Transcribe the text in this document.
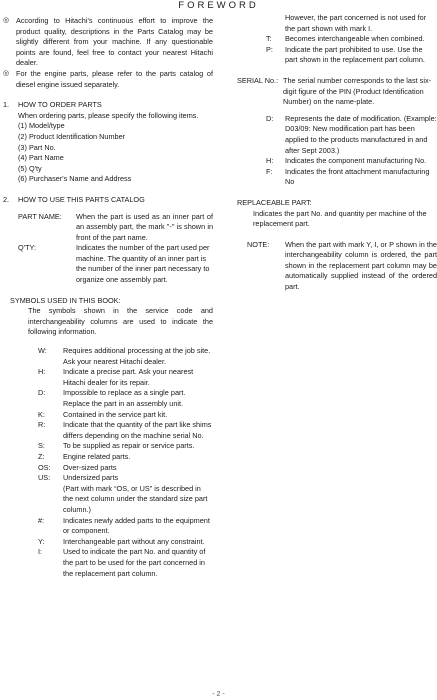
FOREWORD
◎ According to Hitachi’s continuous effort to improve the product quality, descriptions in the Parts Catalog may be slightly different from your machine. If any questionable points are found, feel free to contact your nearest Hitachi dealer.
◎ For the engine parts, please refer to the parts catalog of diesel engine issued separately.
1.	HOW TO ORDER PARTS

When ordering parts, please specify the following items.

(1) Model/type

(2) Product Identification Number

(3) Part No.

(4) Part Name

(5) Q'ty

(6) Purchaser's Name and Address

2.	HOW TO USE THIS PARTS CATALOG
PART NAME:	When the part is used as an inner part of an assembly part, the mark "-" is shown in front of the part name.
Q'TY:	Indicates the number of the part used per machine. The quantity of an inner part is the number of the inner part necessary to organize one assembly part.

SYMBOLS USED IN THIS BOOK:

The symbols shown in the service code and interchangeability columns are used to indicate the following information.

W:	Requires additional processing at the job site. Ask your nearest Hitachi dealer.
H:	Indicate a precise part. Ask your nearest Hitachi dealer for its repair.
D:	Impossible to replace as a single part. Replace the part in an assembly unit.
K:	Contained in the service part kit.
R:	Indicate that the quantity of the part like shims differs depending on the machine serial No.
S:	To be supplied as repair or service parts.
Z:	Engine related parts.
OS:	Over-sized parts
US:	Undersized parts
(Part with mark “OS, or US” is described in the next column under the standard size part column.)
#:	Indicates newly added parts to the equipment or component.
Y:	Interchangeable part without any constraint.
I:	Used to indicate the part No. and quantity of the part to be used for the part concerned in the replacement part column.

However, the part concerned is not used for the part shown with mark I.

T:	Becomes interchangeable when combined.
P:	Indicate the part prohibited to use. Use the part shown in the replacement part column.
SERIAL No.: The serial number corresponds to the last six-digit figure of the PIN (Product Identification Number) on the name-plate.
D:	Represents the date of modification. (Example: D03/09: New modification part has been applied to the products manufactured in and after Sept 2003.)
H:	Indicates the component manufacturing No.
F:	Indicates the front attachment manufacturing No

REPLACEABLE PART:

Indicates the part No. and quantity per machine of the replacement part.

NOTE:	When the part with mark Y, I, or P shown in the interchangeability column is ordered, the part shown in the replacement part column may be automatically supplied instead of the ordered part.
- 2 -
